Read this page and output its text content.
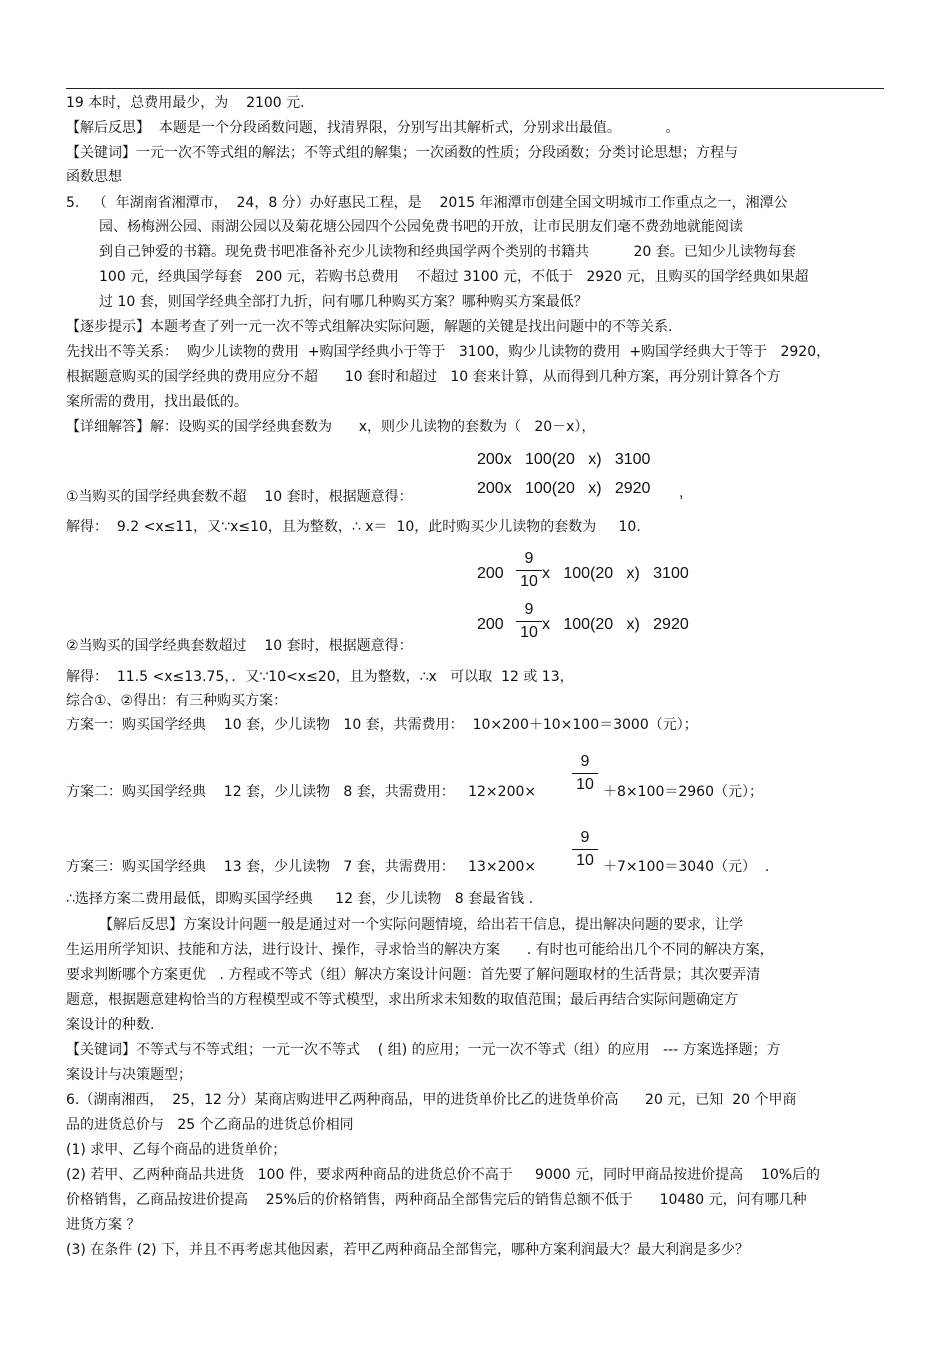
19 本时，总费用最少，为    2100 元.
【解后反思】  本题是一个分段函数问题，找清界限，分别写出其解析式，分别求出最值。          。
【关键词】一元一次不等式组的解法；不等式组的解集；一次函数的性质；分段函数；分类讨论思想；方程与
函数思想
5.   （  年湖南省湘潭市，  24，8 分）办好惠民工程，是    2015 年湘潭市创建全国文明城市工作重点之一，湘潭公
园、杨梅洲公园、雨湖公园以及菊花塘公园四个公园免费书吧的开放，让市民朋友们毫不费劲地就能阅读
到自己钟爱的书籍。现免费书吧准备补充少儿读物和经典国学两个类别的书籍共          20 套。已知少儿读物每套
100 元，经典国学每套   200 元，若购书总费用    不超过 3100 元，不低于   2920 元，且购买的国学经典如果超
过 10 套，则国学经典全部打九折，问有哪几种购买方案？哪种购买方案最低？
【逐步提示】本题考查了列一元一次不等式组解决实际问题，解题的关键是找出问题中的不等关系.
先找出不等关系：  购少儿读物的费用  +购国学经典小于等于   3100，购少儿读物的费用  +购国学经典大于等于   2920，
根据题意购买的国学经典的费用应分不超      10 套时和超过   10 套来计算，从而得到几种方案，再分别计算各个方
案所需的费用，找出最低的。
【详细解答】解：设购买的国学经典套数为      x，则少儿读物的套数为（   20－x），
①当购买的国学经典套数不超    10 套时，根据题意得：
解得：  9.2 <x≤11，又∵x≤10，且为整数，∴ x＝  10，此时购买少儿读物的套数为     10.
②当购买的国学经典套数超过    10 套时，根据题意得：
解得：  11.5 <x≤13.75，．又∵10<x≤20，且为整数，∴x   可以取  12 或 13，
综合①、②得出：有三种购买方案：
方案一：购买国学经典    10 套，少儿读物   10 套，共需费用：  10×200＋10×100＝3000（元）；
方案二：购买国学经典    12 套，少儿读物   8 套，共需费用：   12×200×	＋8×100＝2960（元）；
方案三：购买国学经典    13 套，少儿读物   7 套，共需费用：   13×200×	＋7×100＝3040（元）  .
∴选择方案二费用最低，即购买国学经典     12 套，少儿读物   8 套最省钱 .
【解后反思】方案设计问题一般是通过对一个实际问题情境，给出若干信息，提出解决问题的要求，让学
生运用所学知识、技能和方法，进行设计、操作，寻求恰当的解决方案      . 有时也可能给出几个不同的解决方案，
要求判断哪个方案更优   . 方程或不等式（组）解决方案设计问题：首先要了解问题取材的生活背景；其次要弄清
题意，根据题意建构恰当的方程模型或不等式模型，求出所求未知数的取值范围；最后再结合实际问题确定方
案设计的种数.
【关键词】不等式与不等式组；一元一次不等式    ( 组) 的应用；一元一次不等式（组）的应用   --- 方案选择题；方
案设计与决策题型；
6.（湖南湘西，  25，12 分）某商店购进甲乙两种商品，甲的进货单价比乙的进货单价高      20 元，已知  20 个甲商
品的进货总价与   25 个乙商品的进货总价相同
(1) 求甲、乙每个商品的进货单价；
(2) 若甲、乙两种商品共进货   100 件，要求两种商品的进货总价不高于     9000 元，同时甲商品按进价提高    10%后的
价格销售，乙商品按进价提高    25%后的价格销售，两种商品全部售完后的销售总额不低于      10480 元，问有哪几种
进货方案 ？
(3) 在条件 (2) 下，并且不再考虑其他因素，若甲乙两种商品全部售完，哪种方案利润最大？最大利润是多少？
200x   100(20   x)   3100
200x   100(20   x)   2920 ,
200 x   100(20   x)   3100
200 x   100(20   x)   2920
9
10
9
10
9
10
9
10
